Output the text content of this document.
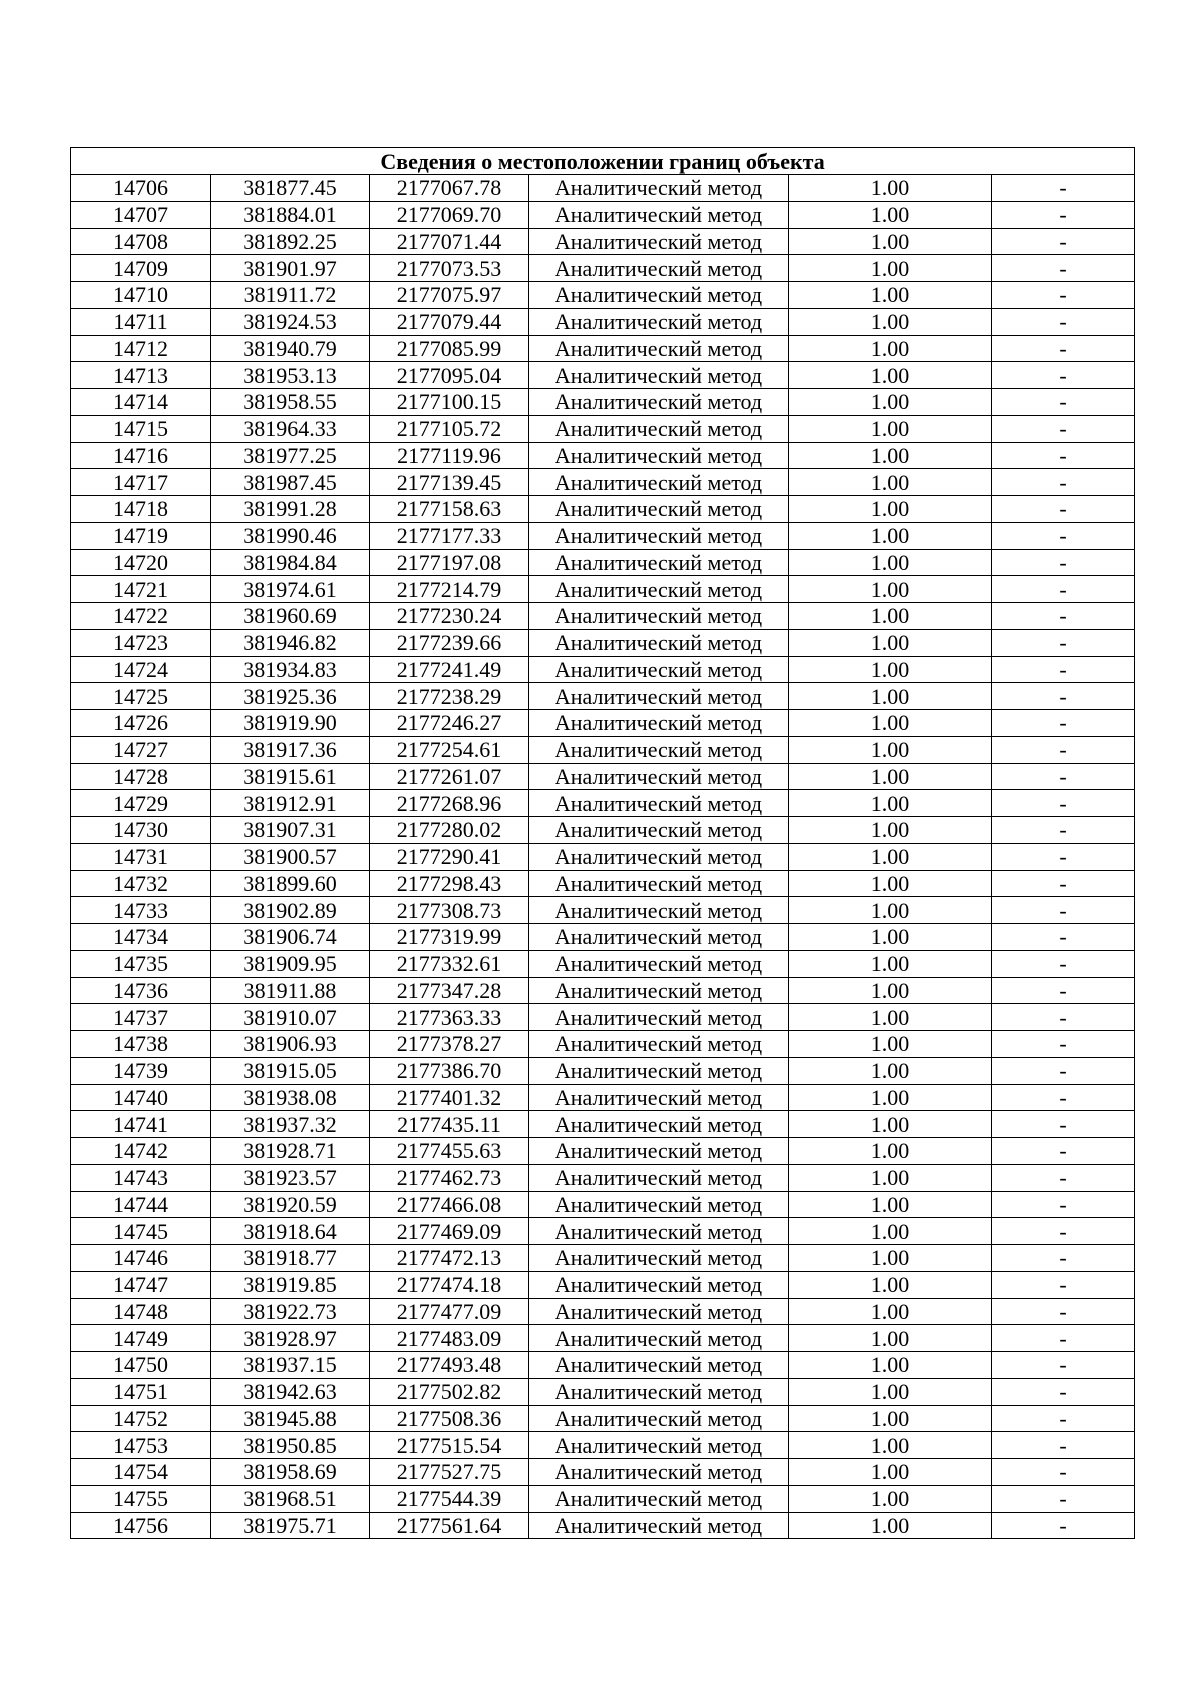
Сведения о местоположении границ объекта					
14706	381877.45	2177067.78	Аналитический метод	1.00	-
14707	381884.01	2177069.70	Аналитический метод	1.00	-
14708	381892.25	2177071.44	Аналитический метод	1.00	-
14709	381901.97	2177073.53	Аналитический метод	1.00	-
14710	381911.72	2177075.97	Аналитический метод	1.00	-
14711	381924.53	2177079.44	Аналитический метод	1.00	-
14712	381940.79	2177085.99	Аналитический метод	1.00	-
14713	381953.13	2177095.04	Аналитический метод	1.00	-
14714	381958.55	2177100.15	Аналитический метод	1.00	-
14715	381964.33	2177105.72	Аналитический метод	1.00	-
14716	381977.25	2177119.96	Аналитический метод	1.00	-
14717	381987.45	2177139.45	Аналитический метод	1.00	-
14718	381991.28	2177158.63	Аналитический метод	1.00	-
14719	381990.46	2177177.33	Аналитический метод	1.00	-
14720	381984.84	2177197.08	Аналитический метод	1.00	-
14721	381974.61	2177214.79	Аналитический метод	1.00	-
14722	381960.69	2177230.24	Аналитический метод	1.00	-
14723	381946.82	2177239.66	Аналитический метод	1.00	-
14724	381934.83	2177241.49	Аналитический метод	1.00	-
14725	381925.36	2177238.29	Аналитический метод	1.00	-
14726	381919.90	2177246.27	Аналитический метод	1.00	-
14727	381917.36	2177254.61	Аналитический метод	1.00	-
14728	381915.61	2177261.07	Аналитический метод	1.00	-
14729	381912.91	2177268.96	Аналитический метод	1.00	-
14730	381907.31	2177280.02	Аналитический метод	1.00	-
14731	381900.57	2177290.41	Аналитический метод	1.00	-
14732	381899.60	2177298.43	Аналитический метод	1.00	-
14733	381902.89	2177308.73	Аналитический метод	1.00	-
14734	381906.74	2177319.99	Аналитический метод	1.00	-
14735	381909.95	2177332.61	Аналитический метод	1.00	-
14736	381911.88	2177347.28	Аналитический метод	1.00	-
14737	381910.07	2177363.33	Аналитический метод	1.00	-
14738	381906.93	2177378.27	Аналитический метод	1.00	-
14739	381915.05	2177386.70	Аналитический метод	1.00	-
14740	381938.08	2177401.32	Аналитический метод	1.00	-
14741	381937.32	2177435.11	Аналитический метод	1.00	-
14742	381928.71	2177455.63	Аналитический метод	1.00	-
14743	381923.57	2177462.73	Аналитический метод	1.00	-
14744	381920.59	2177466.08	Аналитический метод	1.00	-
14745	381918.64	2177469.09	Аналитический метод	1.00	-
14746	381918.77	2177472.13	Аналитический метод	1.00	-
14747	381919.85	2177474.18	Аналитический метод	1.00	-
14748	381922.73	2177477.09	Аналитический метод	1.00	-
14749	381928.97	2177483.09	Аналитический метод	1.00	-
14750	381937.15	2177493.48	Аналитический метод	1.00	-
14751	381942.63	2177502.82	Аналитический метод	1.00	-
14752	381945.88	2177508.36	Аналитический метод	1.00	-
14753	381950.85	2177515.54	Аналитический метод	1.00	-
14754	381958.69	2177527.75	Аналитический метод	1.00	-
14755	381968.51	2177544.39	Аналитический метод	1.00	-
14756	381975.71	2177561.64	Аналитический метод	1.00	-
